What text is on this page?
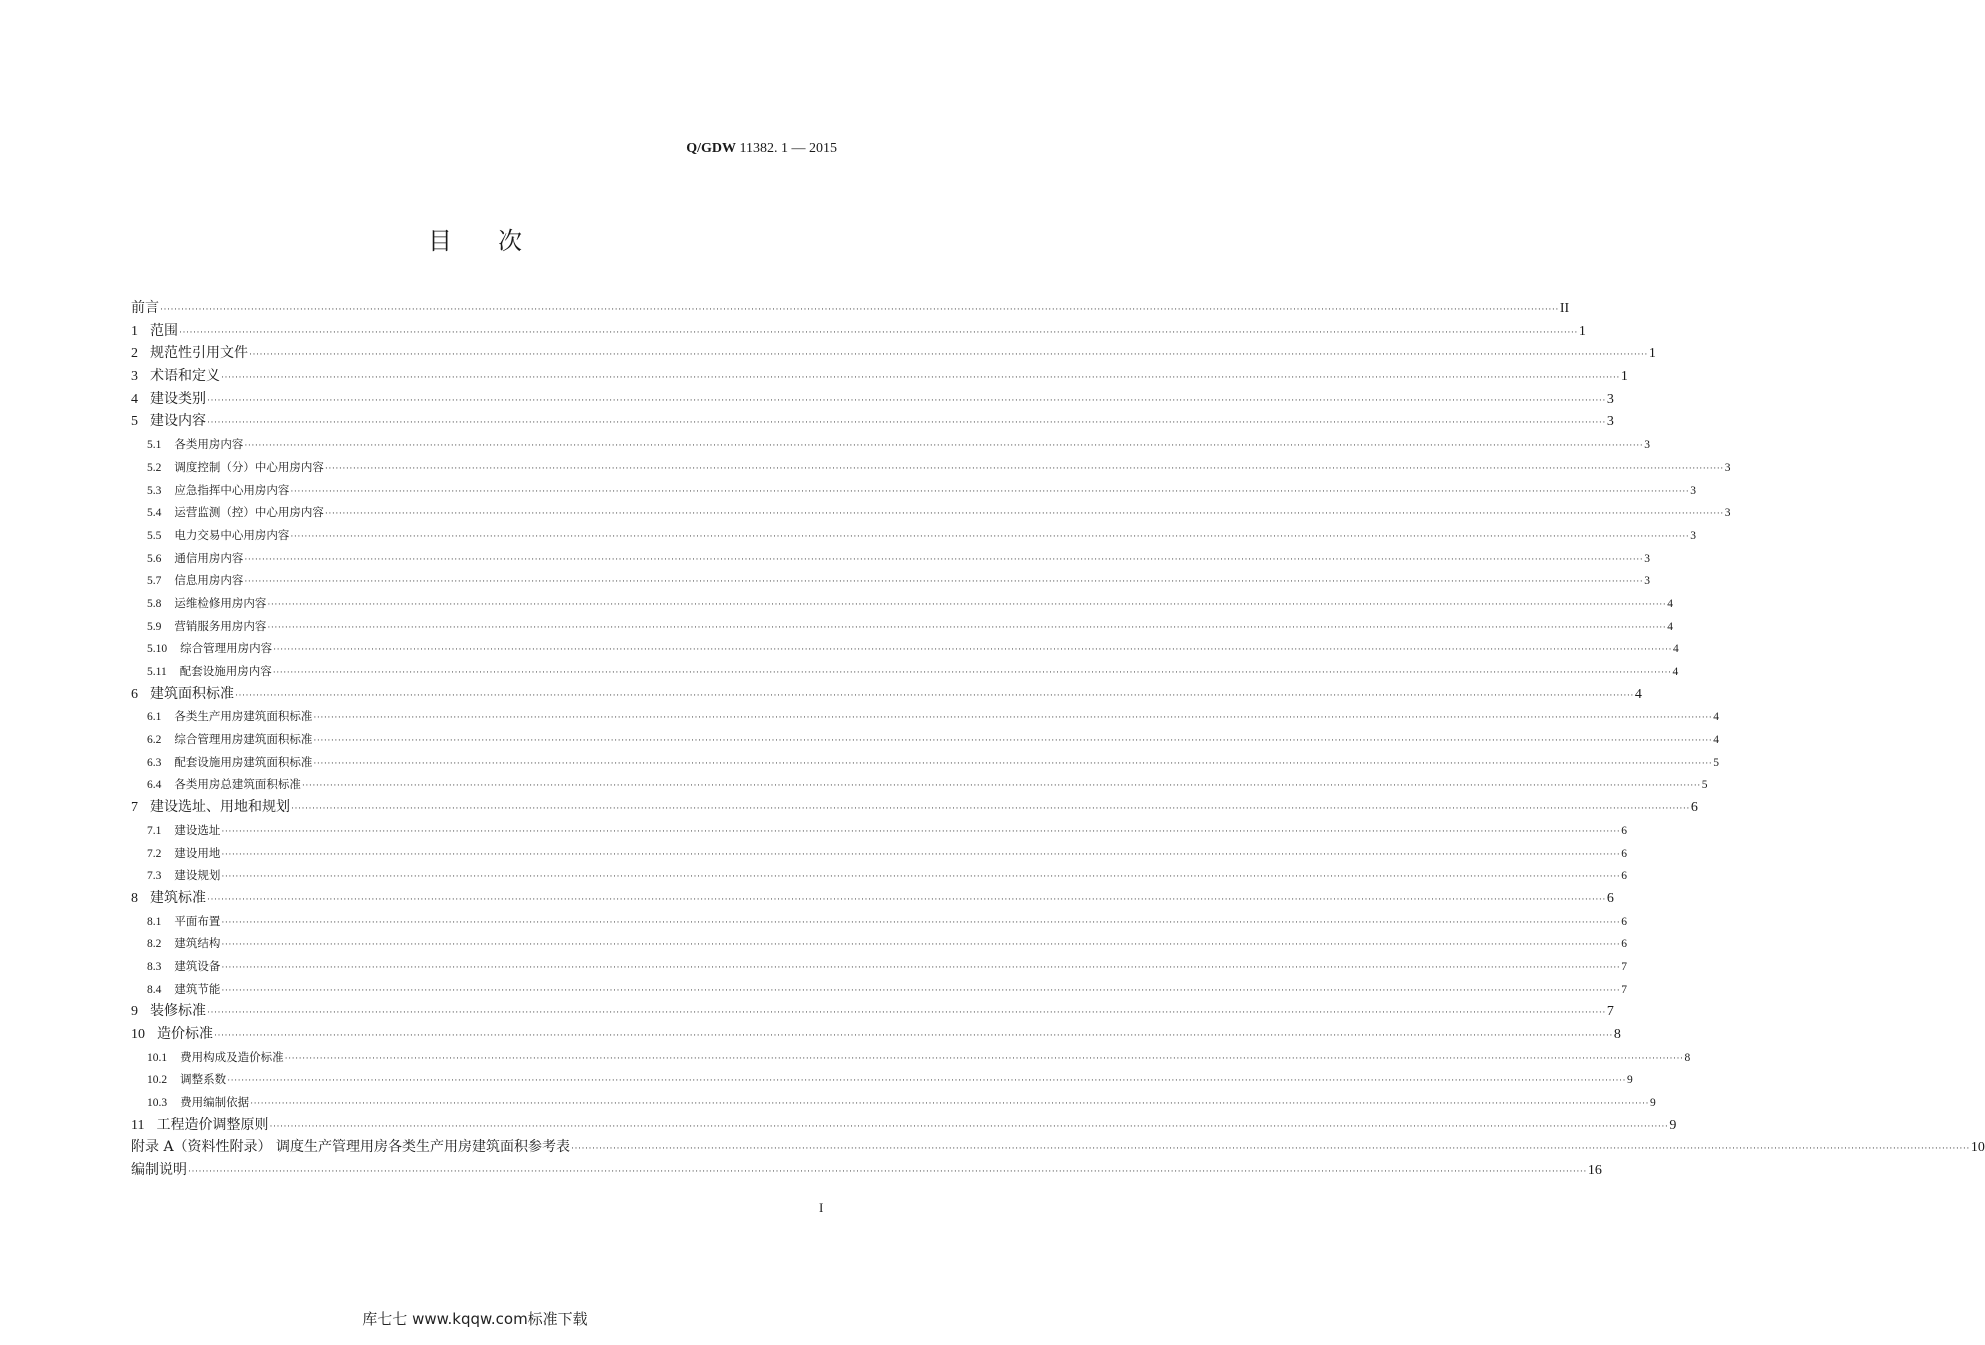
Q/GDW 11382. 1 — 2015
目次
前言 ················································································································································································································································································································································································································ II
1 范围 ················································································································································································································································································································································································································ 1
2 规范性引用文件 ················································································································································································································································································································································································································ 1
3 术语和定义 ················································································································································································································································································································································································································ 1
4 建设类别 ················································································································································································································································································································································································································ 3
5 建设内容 ················································································································································································································································································································································································································ 3
5.1 各类用房内容 ················································································································································································································································································································································································································ 3
5.2 调度控制（分）中心用房内容 ················································································································································································································································································································································································································ 3
5.3 应急指挥中心用房内容 ················································································································································································································································································································································································································ 3
5.4 运营监测（控）中心用房内容 ················································································································································································································································································································································································································ 3
5.5 电力交易中心用房内容 ················································································································································································································································································································································································································ 3
5.6 通信用房内容 ················································································································································································································································································································································································································ 3
5.7 信息用房内容 ················································································································································································································································································································································································································ 3
5.8 运维检修用房内容 ················································································································································································································································································································································································································ 4
5.9 营销服务用房内容 ················································································································································································································································································································································································································ 4
5.10 综合管理用房内容 ················································································································································································································································································································································································································ 4
5.11 配套设施用房内容 ················································································································································································································································································································································································································ 4
6 建筑面积标准 ················································································································································································································································································································································································································ 4
6.1 各类生产用房建筑面积标准 ················································································································································································································································································································································································································ 4
6.2 综合管理用房建筑面积标准 ················································································································································································································································································································································································································ 4
6.3 配套设施用房建筑面积标准 ················································································································································································································································································································································································································ 5
6.4 各类用房总建筑面积标准 ················································································································································································································································································································································································································ 5
7 建设选址、用地和规划 ················································································································································································································································································································································································································ 6
7.1 建设选址 ················································································································································································································································································································································································································ 6
7.2 建设用地 ················································································································································································································································································································································································································ 6
7.3 建设规划 ················································································································································································································································································································································································································ 6
8 建筑标准 ················································································································································································································································································································································································································ 6
8.1 平面布置 ················································································································································································································································································································································································································ 6
8.2 建筑结构 ················································································································································································································································································································································································································ 6
8.3 建筑设备 ················································································································································································································································································································································································································ 7
8.4 建筑节能 ················································································································································································································································································································································································································ 7
9 装修标准 ················································································································································································································································································································································································································ 7
10 造价标准 ················································································································································································································································································································································································································ 8
10.1 费用构成及造价标准 ················································································································································································································································································································································································································ 8
10.2 调整系数 ················································································································································································································································································································································································································ 9
10.3 费用编制依据 ················································································································································································································································································································································································································ 9
11 工程造价调整原则 ················································································································································································································································································································································································································ 9
附录 A（资料性附录） 调度生产管理用房各类生产用房建筑面积参考表 ················································································································································································································································································································································································································ 10
编制说明 ················································································································································································································································································································································································································ 16
I
库七七 www.kqqw.com标准下载
